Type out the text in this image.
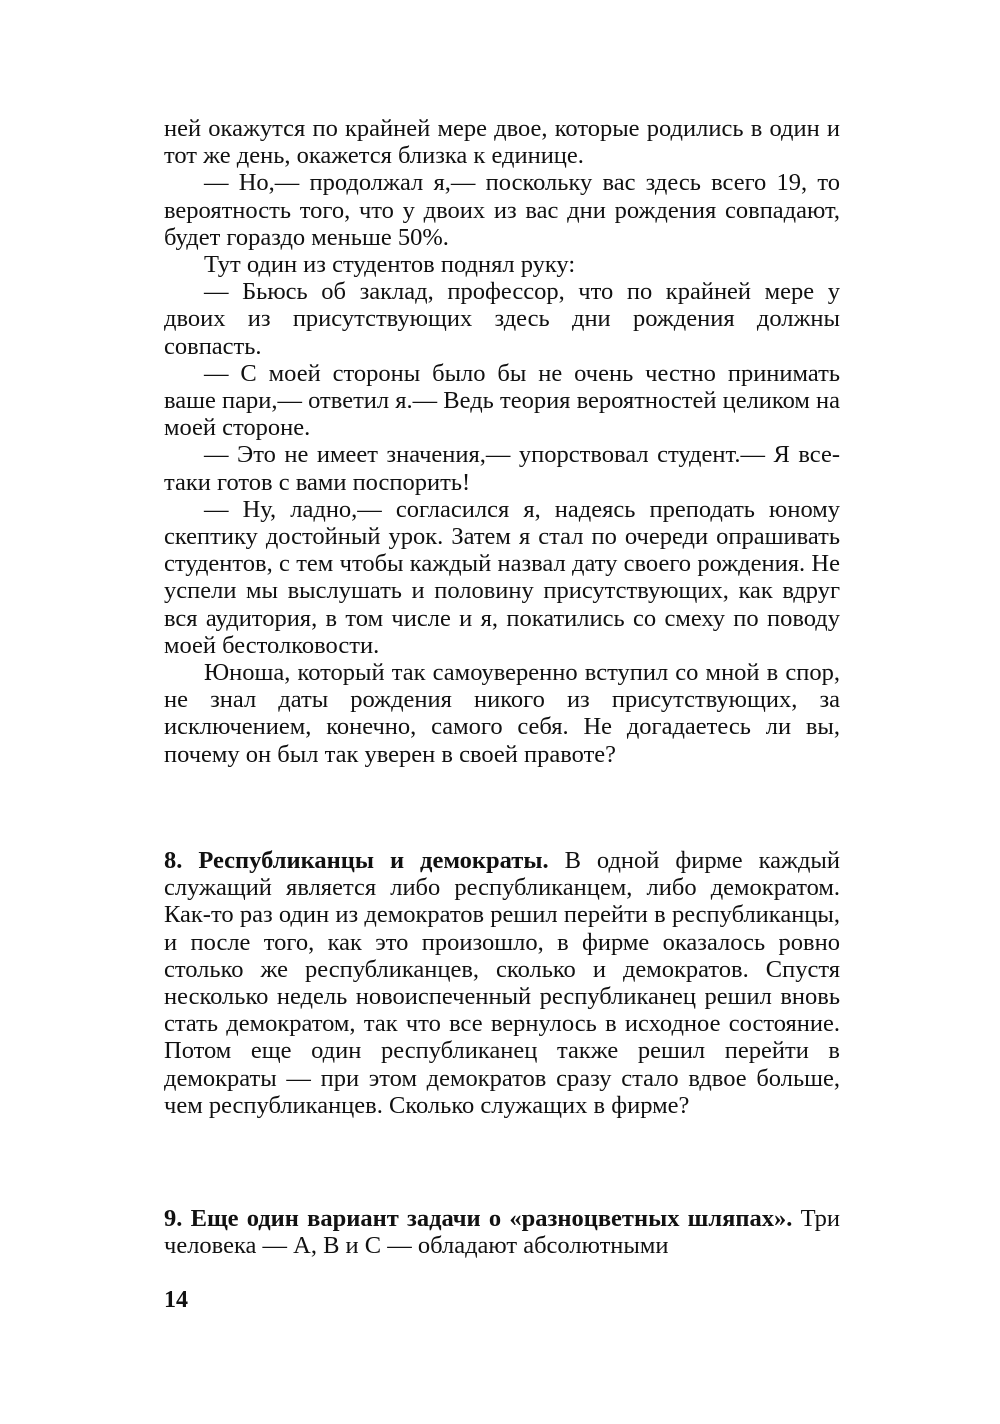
ней окажутся по крайней мере двое, которые родились в один и тот же день, окажется близка к единице.

— Но,— продолжал я,— поскольку вас здесь всего 19, то вероятность того, что у двоих из вас дни рождения совпадают, будет гораздо меньше 50%.

Тут один из студентов поднял руку:

— Бьюсь об заклад, профессор, что по крайней мере у двоих из присутствующих здесь дни рождения должны совпасть.

— С моей стороны было бы не очень честно принимать ваше пари,— ответил я.— Ведь теория вероятностей целиком на моей стороне.

— Это не имеет значения,— упорствовал студент.— Я все-таки готов с вами поспорить!

— Ну, ладно,— согласился я, надеясь преподать юному скептику достойный урок. Затем я стал по очереди опрашивать студентов, с тем чтобы каждый назвал дату своего рождения. Не успели мы выслушать и половину присутствующих, как вдруг вся аудитория, в том числе и я, покатились со смеху по поводу моей бестолковости.

Юноша, который так самоуверенно вступил со мной в спор, не знал даты рождения никого из присутствующих, за исключением, конечно, самого себя. Не догадаетесь ли вы, почему он был так уверен в своей правоте?

8. Республиканцы и демократы. В одной фирме каждый служащий является либо республиканцем, либо демократом. Как-то раз один из демократов решил перейти в республиканцы, и после того, как это произошло, в фирме оказалось ровно столько же республиканцев, сколько и демократов. Спустя несколько недель новоиспеченный республиканец решил вновь стать демократом, так что все вернулось в исходное состояние. Потом еще один республиканец также решил перейти в демократы — при этом демократов сразу стало вдвое больше, чем республиканцев. Сколько служащих в фирме?

9. Еще один вариант задачи о «разноцветных шляпах». Три человека — А, В и С — обладают абсолютными

14
